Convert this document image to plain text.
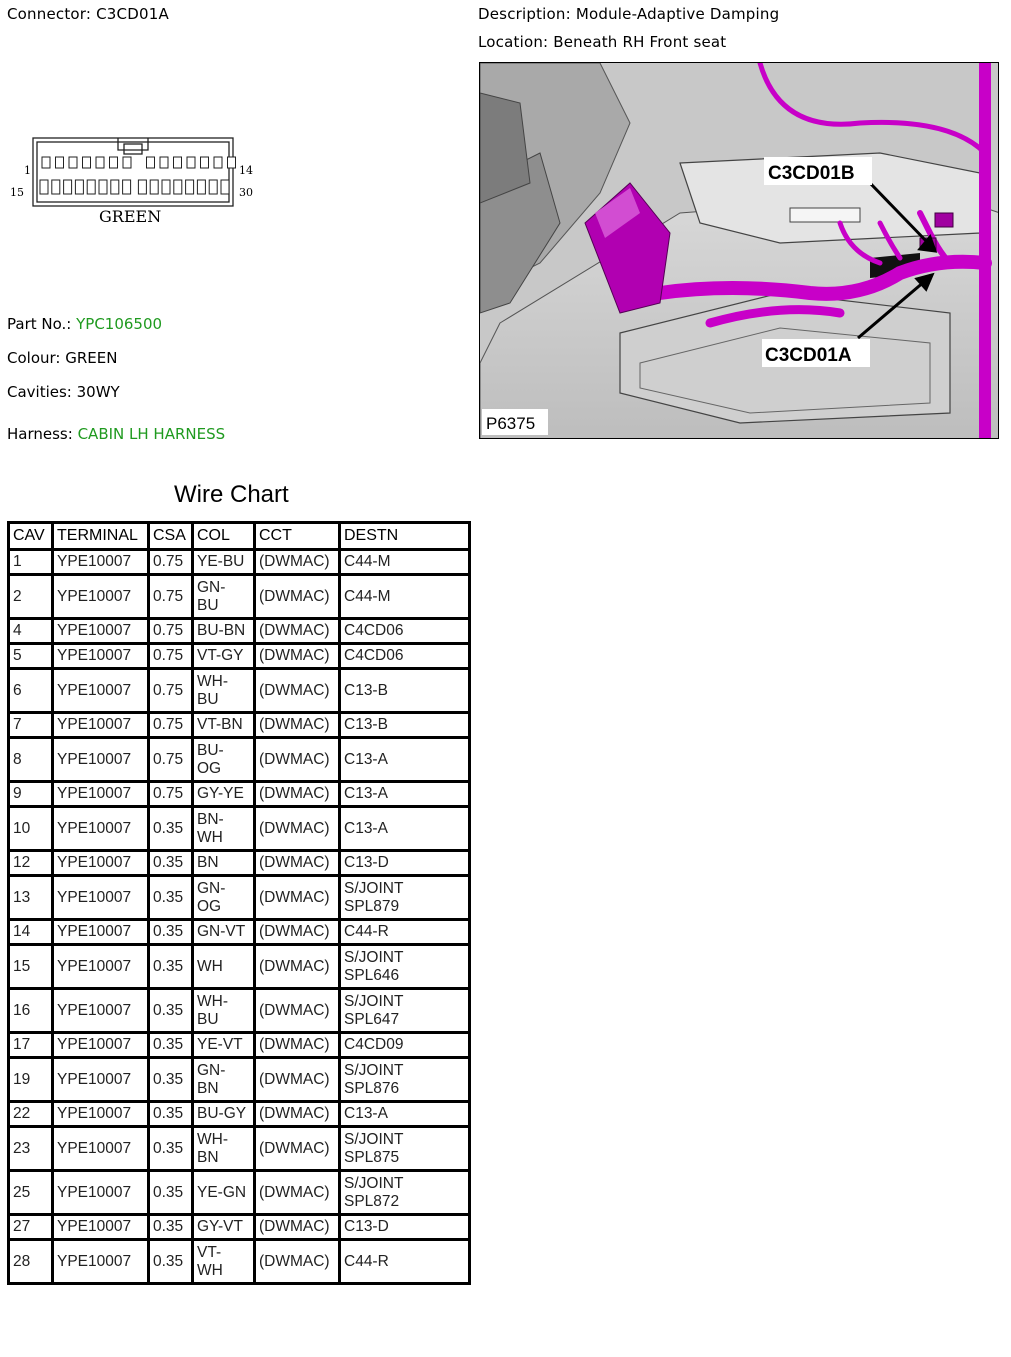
Connector: C3CD01A	Description: Module-Adaptive Damping
Location: Beneath RH Front seat
1	14
15	30
GREEN
Part No.: YPC106500
Colour: GREEN
Cavities: 30WY
Harness: CABIN LH HARNESS
C3CD01B
C3CD01A
P6375
Wire Chart
CAV	TERMINAL	CSA	COL	CCT	DESTN
1	YPE10007	0.75	YE-BU	(DWMAC)	C44-M
2	YPE10007	0.75	GN-
BU	(DWMAC)	C44-M
4	YPE10007	0.75	BU-BN	(DWMAC)	C4CD06
5	YPE10007	0.75	VT-GY	(DWMAC)	C4CD06
6	YPE10007	0.75	WH-
BU	(DWMAC)	C13-B
7	YPE10007	0.75	VT-BN	(DWMAC)	C13-B
8	YPE10007	0.75	BU-
OG	(DWMAC)	C13-A
9	YPE10007	0.75	GY-YE	(DWMAC)	C13-A
10	YPE10007	0.35	BN-
WH	(DWMAC)	C13-A
12	YPE10007	0.35	BN	(DWMAC)	C13-D
13	YPE10007	0.35	GN-
OG	(DWMAC)	S/JOINT
SPL879
14	YPE10007	0.35	GN-VT	(DWMAC)	C44-R
15	YPE10007	0.35	WH	(DWMAC)	S/JOINT
SPL646
16	YPE10007	0.35	WH-
BU	(DWMAC)	S/JOINT
SPL647
17	YPE10007	0.35	YE-VT	(DWMAC)	C4CD09
19	YPE10007	0.35	GN-
BN	(DWMAC)	S/JOINT
SPL876
22	YPE10007	0.35	BU-GY	(DWMAC)	C13-A
23	YPE10007	0.35	WH-
BN	(DWMAC)	S/JOINT
SPL875
25	YPE10007	0.35	YE-GN	(DWMAC)	S/JOINT
SPL872
27	YPE10007	0.35	GY-VT	(DWMAC)	C13-D
28	YPE10007	0.35	VT-
WH	(DWMAC)	C44-R
